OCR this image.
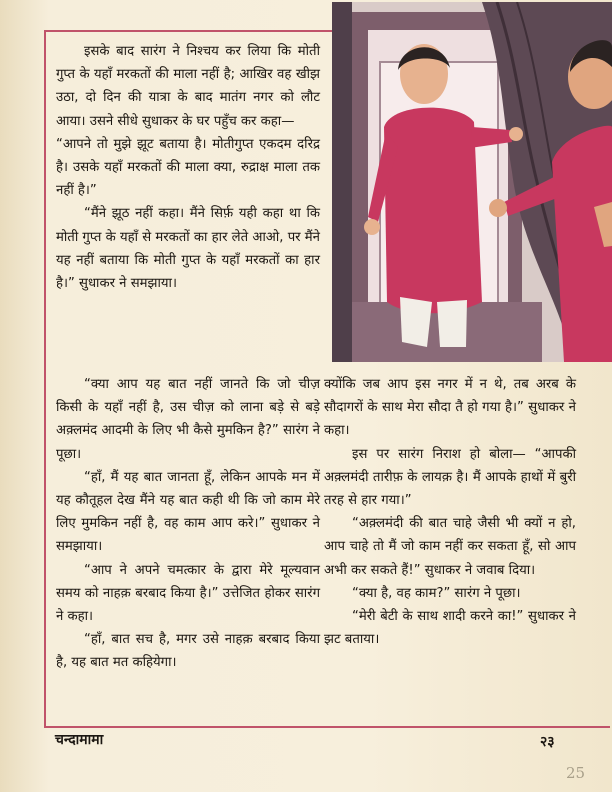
इसके बाद सारंग ने निश्चय कर लिया कि मोती गुप्त के यहाँ मरकतों की माला नहीं है; आखिर वह खीझ उठा, दो दिन की यात्रा के बाद मातंग नगर को लौट आया। उसने सीधे सुधाकर के घर पहुँच कर कहा—

“आपने तो मुझे झूट बताया है। मोतीगुप्त एकदम दरिद्र है। उसके यहाँ मरकतों की माला क्या, रुद्राक्ष माला तक नहीं है।”

“मैंने झूठ नहीं कहा। मैंने सिर्फ़ यही कहा था कि मोती गुप्त के यहाँ से मरकतों का हार लेते आओ, पर मैंने यह नहीं बताया कि मोती गुप्त के यहाँ मरकतों का हार है।” सुधाकर ने समझाया।

“क्या आप यह बात नहीं जानते कि जो चीज़ किसी के यहाँ नहीं है, उस चीज़ को लाना बड़े से बड़े अक़्लमंद आदमी के लिए भी कैसे मुमकिन है?” सारंग ने पूछा।

“हाँ, मैं यह बात जानता हूँ, लेकिन आपके मन में यह कौतूहल देख मैंने यह बात कही थी कि जो काम मेरे लिए मुमकिन नहीं है, वह काम आप करे।” सुधाकर ने समझाया।

“आप ने अपने चमत्कार के द्वारा मेरे मूल्यवान समय को नाहक़ बरबाद किया है।” उत्तेजित होकर सारंग ने कहा।

“हाँ, बात सच है, मगर उसे नाहक़ बरबाद किया है, यह बात मत कहियेगा।

क्योंकि जब आप इस नगर में न थे, तब अरब के सौदागरों के साथ मेरा सौदा तै हो गया है।” सुधाकर ने कहा।

इस पर सारंग निराश हो बोला— “आपकी अक़्लमंदी तारीफ़ के लायक़ है। मैं आपके हाथों में बुरी तरह से हार गया।”

“अक़्लमंदी की बात चाहे जैसी भी क्यों न हो, आप चाहे तो मैं जो काम नहीं कर सकता हूँ, सो आप अभी कर सकते हैं!” सुधाकर ने जवाब दिया।

“क्या है, वह काम?” सारंग ने पूछा।

“मेरी बेटी के साथ शादी करने का!” सुधाकर ने झट बताया।

चन्दामामा	२३
25
